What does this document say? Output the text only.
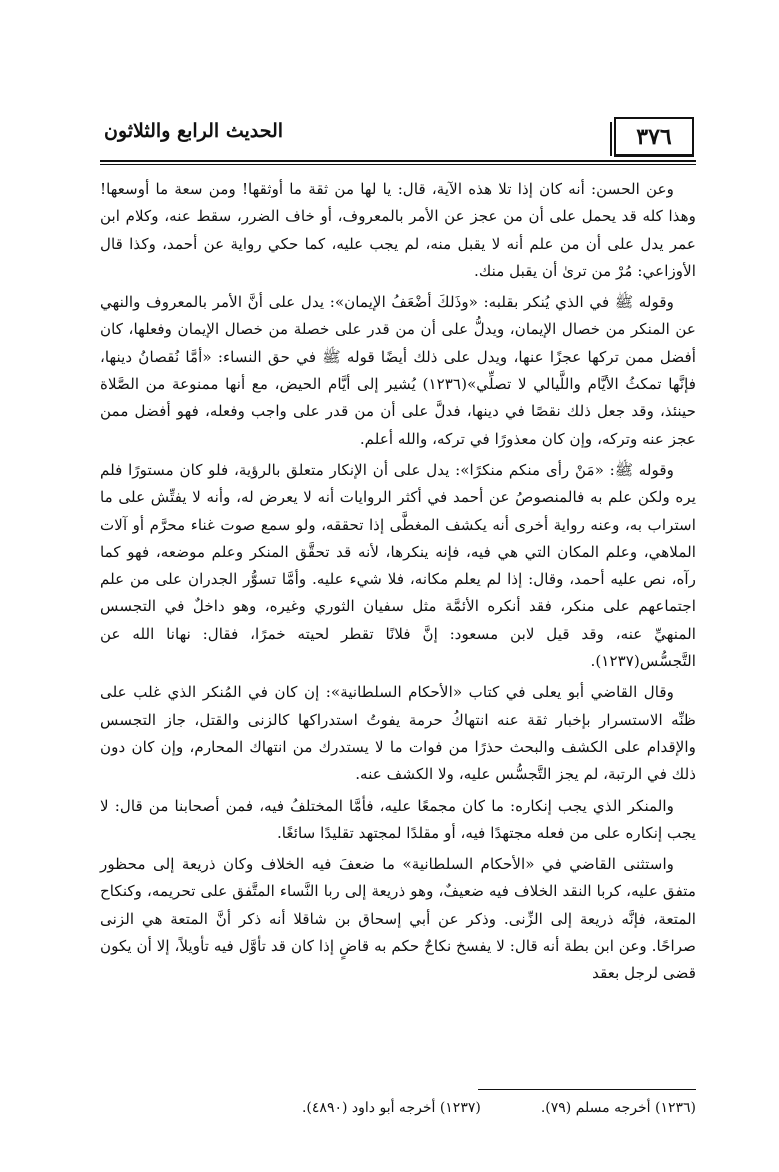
٣٧٦
الحديث الرابع والثلاثون

وعن الحسن: أنه كان إذا تلا هذه الآية، قال: يا لها من ثقة ما أوثقها! ومن سعة ما أوسعها! وهذا كله قد يحمل على أن من عجز عن الأمر بالمعروف، أو خاف الضرر، سقط عنه، وكلام ابن عمر يدل على أن من علم أنه لا يقبل منه، لم يجب عليه، كما حكي رواية عن أحمد، وكذا قال الأوزاعي: مُرْ من ترىٰ أن يقبل منك.

وقوله ﷺ في الذي يُنكر بقلبه: «وذَلكَ أضْعَفُ الإيمان»: يدل على أنَّ الأمر بالمعروف والنهي عن المنكر من خصال الإيمان، ويدلُّ على أن من قدر على خصلة من خصال الإيمان وفعلها، كان أفضل ممن تركها عجزًا عنها، ويدل على ذلك أيضًا قوله ﷺ في حق النساء: «أمَّا نُقصانُ دينها، فإنَّها تمكثُ الأيَّام واللَّيالي لا تصلِّي»(١٢٣٦) يُشير إلى أيَّام الحيض، مع أنها ممنوعة من الصَّلاة حينئذ، وقد جعل ذلك نقصًا في دينها، فدلَّ على أن من قدر على واجب وفعله، فهو أفضل ممن عجز عنه وتركه، وإن كان معذورًا في تركه، والله أعلم.

وقوله ﷺ: «مَنْ رأى منكم منكرًا»: يدل على أن الإنكار متعلق بالرؤية، فلو كان مستورًا فلم يره ولكن علم به فالمنصوصُ عن أحمد في أكثر الروايات أنه لا يعرض له، وأنه لا يفتِّش على ما استراب به، وعنه رواية أخرى أنه يكشف المغطَّى إذا تحققه، ولو سمع صوت غناء محرَّم أو آلات الملاهي، وعلم المكان التي هي فيه، فإنه ينكرها، لأنه قد تحقَّق المنكر وعلم موضعه، فهو كما رآه، نص عليه أحمد، وقال: إذا لم يعلم مكانه، فلا شيء عليه. وأمَّا تسوُّر الجدران على من علم اجتماعهم على منكر، فقد أنكره الأئمَّة مثل سفيان الثوري وغيره، وهو داخلٌ في التجسس المنهيِّ عنه، وقد قيل لابن مسعود: إنَّ فلانًا تقطر لحيته خمرًا، فقال: نهانا الله عن التَّجسُّس(١٢٣٧).

وقال القاضي أبو يعلى في كتاب «الأحكام السلطانية»: إن كان في المُنكر الذي غلب على ظنِّه الاستسرار بإخبار ثقة عنه انتهاكُ حرمة يفوتُ استدراكها كالزنى والقتل، جاز التجسس والإقدام على الكشف والبحث حذرًا من فوات ما لا يستدرك من انتهاك المحارم، وإن كان دون ذلك في الرتبة، لم يجز التَّجسُّس عليه، ولا الكشف عنه.

والمنكر الذي يجب إنكاره: ما كان مجمعًا عليه، فأمَّا المختلفُ فيه، فمن أصحابنا من قال: لا يجب إنكاره على من فعله مجتهدًا فيه، أو مقلدًا لمجتهد تقليدًا سائغًا.

واستثنى القاضي في «الأحكام السلطانية» ما ضعفَ فيه الخلاف وكان ذريعة إلى محظور متفق عليه، كربا النقد الخلاف فيه ضعيفٌ، وهو ذريعة إلى ربا النَّساء المتَّفق على تحريمه، وكنكاح المتعة، فإنَّه ذريعة إلى الزِّنى. وذكر عن أبي إسحاق بن شاقلا أنه ذكر أنَّ المتعة هي الزنى صراحًا. وعن ابن بطة أنه قال: لا يفسخ نكاحٌ حكم به قاضٍ إذا كان قد تأوَّل فيه تأويلاً، إلا أن يكون قضى لرجل بعقد

(١٢٣٦) أخرجه مسلم (٧٩).
(١٢٣٧) أخرجه أبو داود (٤٨٩٠).
